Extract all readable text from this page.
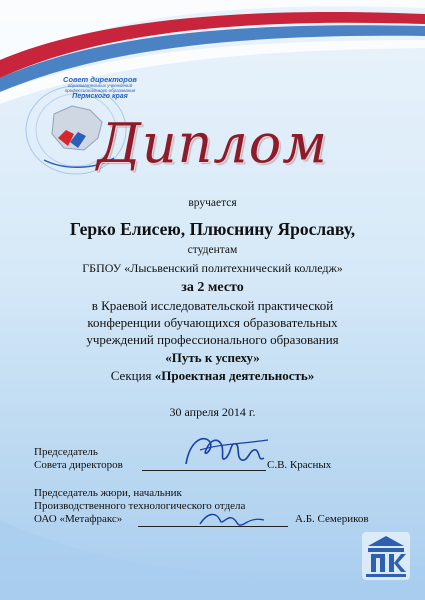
Совет директоров
образовательных учреждений профессионального образования
Пермского края
Диплом
вручается
Герко Елисею, Плюснину Ярославу,
студентам
ГБПОУ «Лысьвенский политехнический колледж»
за 2 место
в Краевой исследовательской практической
конференции обучающихся образовательных
учреждений профессионального образования
«Путь к успеху»
Секция «Проектная деятельность»
30 апреля 2014 г.
Председатель
Совета директоров	С.В. Красных
Председатель жюри, начальник
Производственного технологического отдела
ОАО «Метафракс»	А.Б. Семериков
